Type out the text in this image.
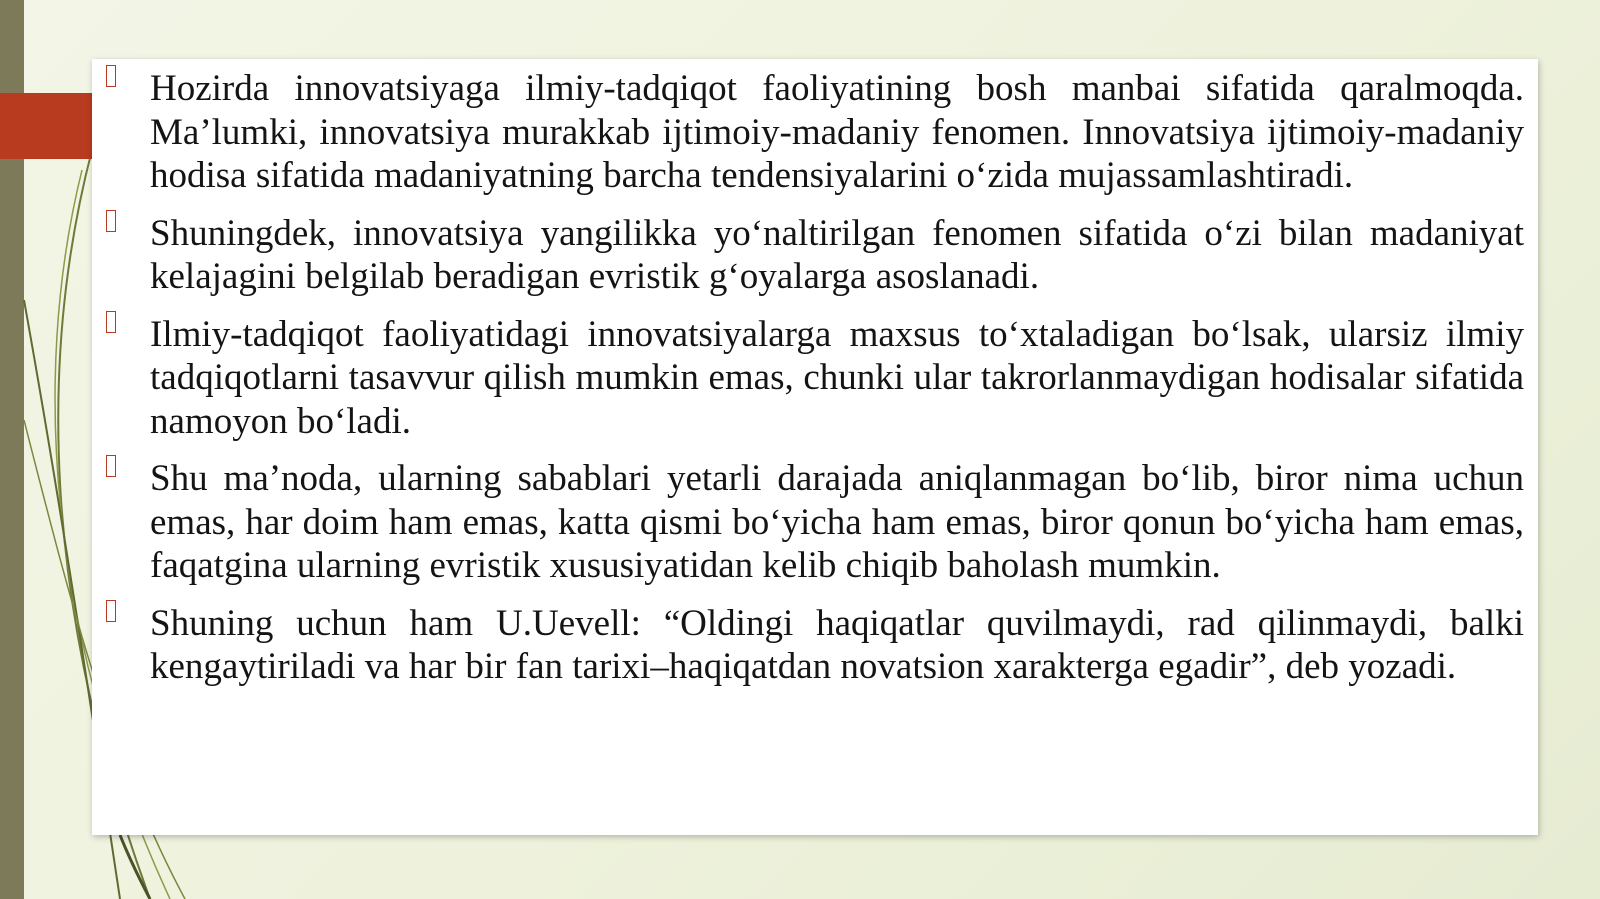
Hozirda innovatsiyaga ilmiy-tadqiqot faoliyatining bosh manbai sifatida qaralmoqda. Ma’lumki, innovatsiya murakkab ijtimoiy-madaniy fenomen. Innovatsiya ijtimoiy-madaniy hodisa sifatida madaniyatning barcha tendensiyalarini o‘zida mujassamlashtiradi.
Shuningdek, innovatsiya yangilikka yo‘naltirilgan fenomen sifatida o‘zi bilan madaniyat kelajagini belgilab beradigan evristik g‘oyalarga asoslanadi.
Ilmiy-tadqiqot faoliyatidagi innovatsiyalarga maxsus to‘xtaladigan bo‘lsak, ularsiz ilmiy tadqiqotlarni tasavvur qilish mumkin emas, chunki ular takrorlanmaydigan hodisalar sifatida namoyon bo‘ladi.
Shu ma’noda, ularning sabablari yetarli darajada aniqlanmagan bo‘lib, biror nima uchun emas, har doim ham emas, katta qismi bo‘yicha ham emas, biror qonun bo‘yicha ham emas, faqatgina ularning evristik xususiyatidan kelib chiqib baholash mumkin.
Shuning uchun ham U.Uevell: “Oldingi haqiqatlar quvilmaydi, rad qilinmaydi, balki kengaytiriladi va har bir fan tarixi–haqiqatdan novatsion xarakterga egadir”, deb yozadi.
